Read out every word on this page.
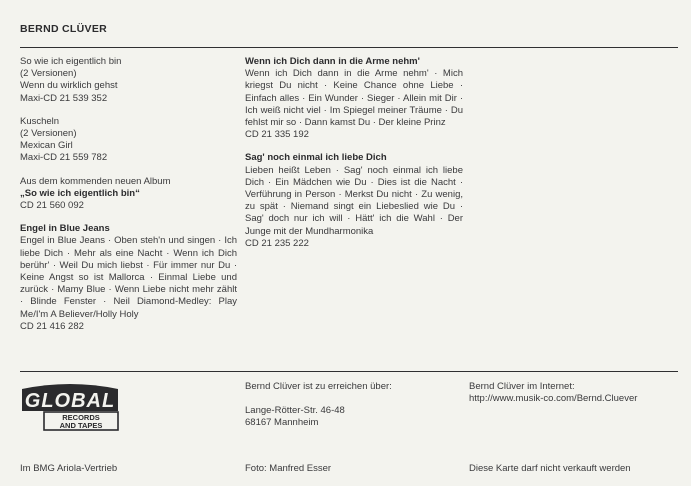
BERND CLÜVER
So wie ich eigentlich bin
(2 Versionen)
Wenn du wirklich gehst
Maxi-CD 21 539 352
Kuscheln
(2 Versionen)
Mexican Girl
Maxi-CD 21 559 782
Aus dem kommenden neuen Album
„So wie ich eigentlich bin“
CD 21 560 092
Engel in Blue Jeans
Engel in Blue Jeans · Oben steh'n und singen · Ich liebe Dich · Mehr als eine Nacht · Wenn ich Dich berühr' · Weil Du mich liebst · Für immer nur Du · Keine Angst so ist Mallorca · Einmal Liebe und zurück · Mamy Blue · Wenn Liebe nicht mehr zählt · Blinde Fenster · Neil Diamond-Medley: Play Me/I'm A Believer/Holly Holy
CD 21 416 282
Wenn ich Dich dann in die Arme nehm'
Wenn ich Dich dann in die Arme nehm' · Mich kriegst Du nicht · Keine Chance ohne Liebe · Einfach alles · Ein Wunder · Sieger · Allein mit Dir · Ich weiß nicht viel · Im Spiegel meiner Träume · Du fehlst mir so · Dann kamst Du · Der kleine Prinz
CD 21 335 192
Sag' noch einmal ich liebe Dich
Lieben heißt Leben · Sag' noch einmal ich liebe Dich · Ein Mädchen wie Du · Dies ist die Nacht · Verführung in Person · Merkst Du nicht · Zu wenig, zu spät · Niemand singt ein Liebeslied wie Du · Sag' doch nur ich will · Hätt' ich die Wahl · Der Junge mit der Mundharmonika
CD 21 235 222
GLOBAL
RECORDS
AND TAPES
Bernd Clüver ist zu erreichen über:
Lange-Rötter-Str. 46-48
68167 Mannheim
Bernd Clüver im Internet:
http://www.musik-co.com/Bernd.Cluever
Im BMG Ariola-Vertrieb	Foto: Manfred Esser	Diese Karte darf nicht verkauft werden
